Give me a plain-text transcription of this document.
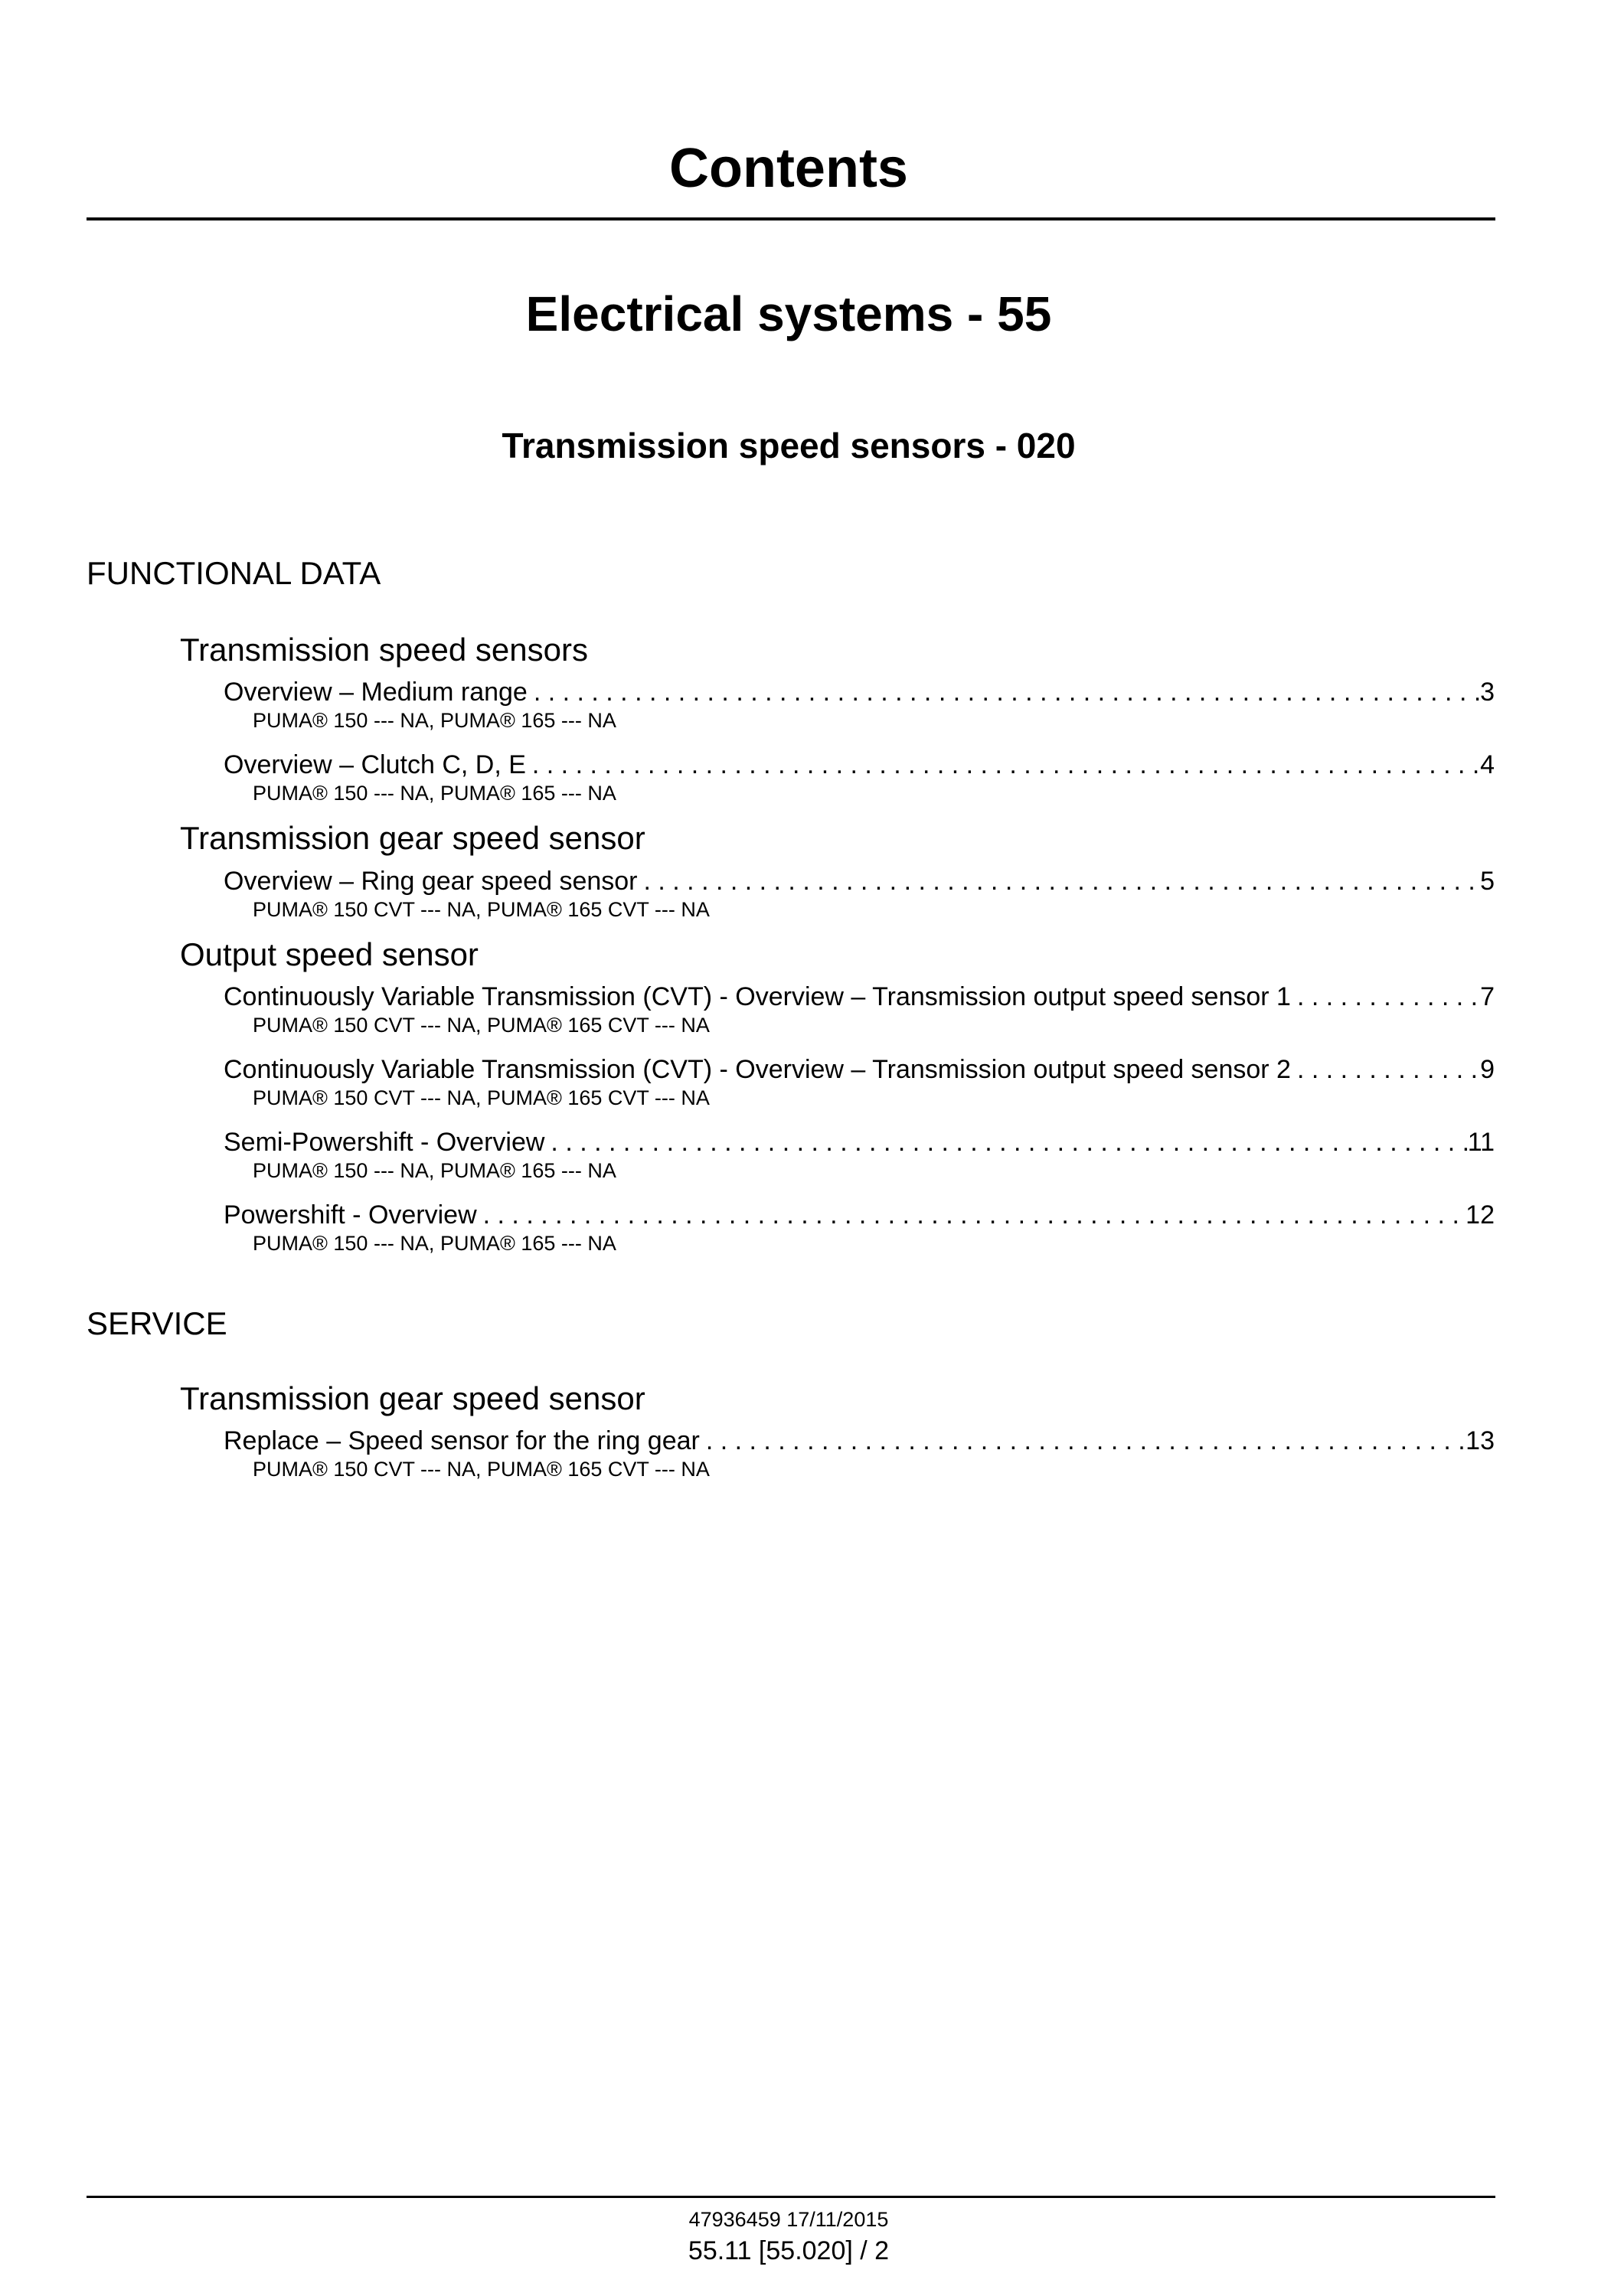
Contents
Electrical systems - 55
Transmission speed sensors - 020
FUNCTIONAL DATA
Transmission speed sensors
Overview – Medium range . . .	3
PUMA® 150 --- NA, PUMA® 165 --- NA
Overview – Clutch C, D, E . . .	4
PUMA® 150 --- NA, PUMA® 165 --- NA
Transmission gear speed sensor
Overview – Ring gear speed sensor . . .	5
PUMA® 150 CVT --- NA, PUMA® 165 CVT --- NA
Output speed sensor
Continuously Variable Transmission (CVT) - Overview – Transmission output speed sensor 1 . . .	7
PUMA® 150 CVT --- NA, PUMA® 165 CVT --- NA
Continuously Variable Transmission (CVT) - Overview – Transmission output speed sensor 2 . . .	9
PUMA® 150 CVT --- NA, PUMA® 165 CVT --- NA
Semi-Powershift - Overview . . .	11
PUMA® 150 --- NA, PUMA® 165 --- NA
Powershift - Overview . . .	12
PUMA® 150 --- NA, PUMA® 165 --- NA
SERVICE
Transmission gear speed sensor
Replace – Speed sensor for the ring gear . . .	13
PUMA® 150 CVT --- NA, PUMA® 165 CVT --- NA
47936459 17/11/2015
55.11 [55.020] / 2
